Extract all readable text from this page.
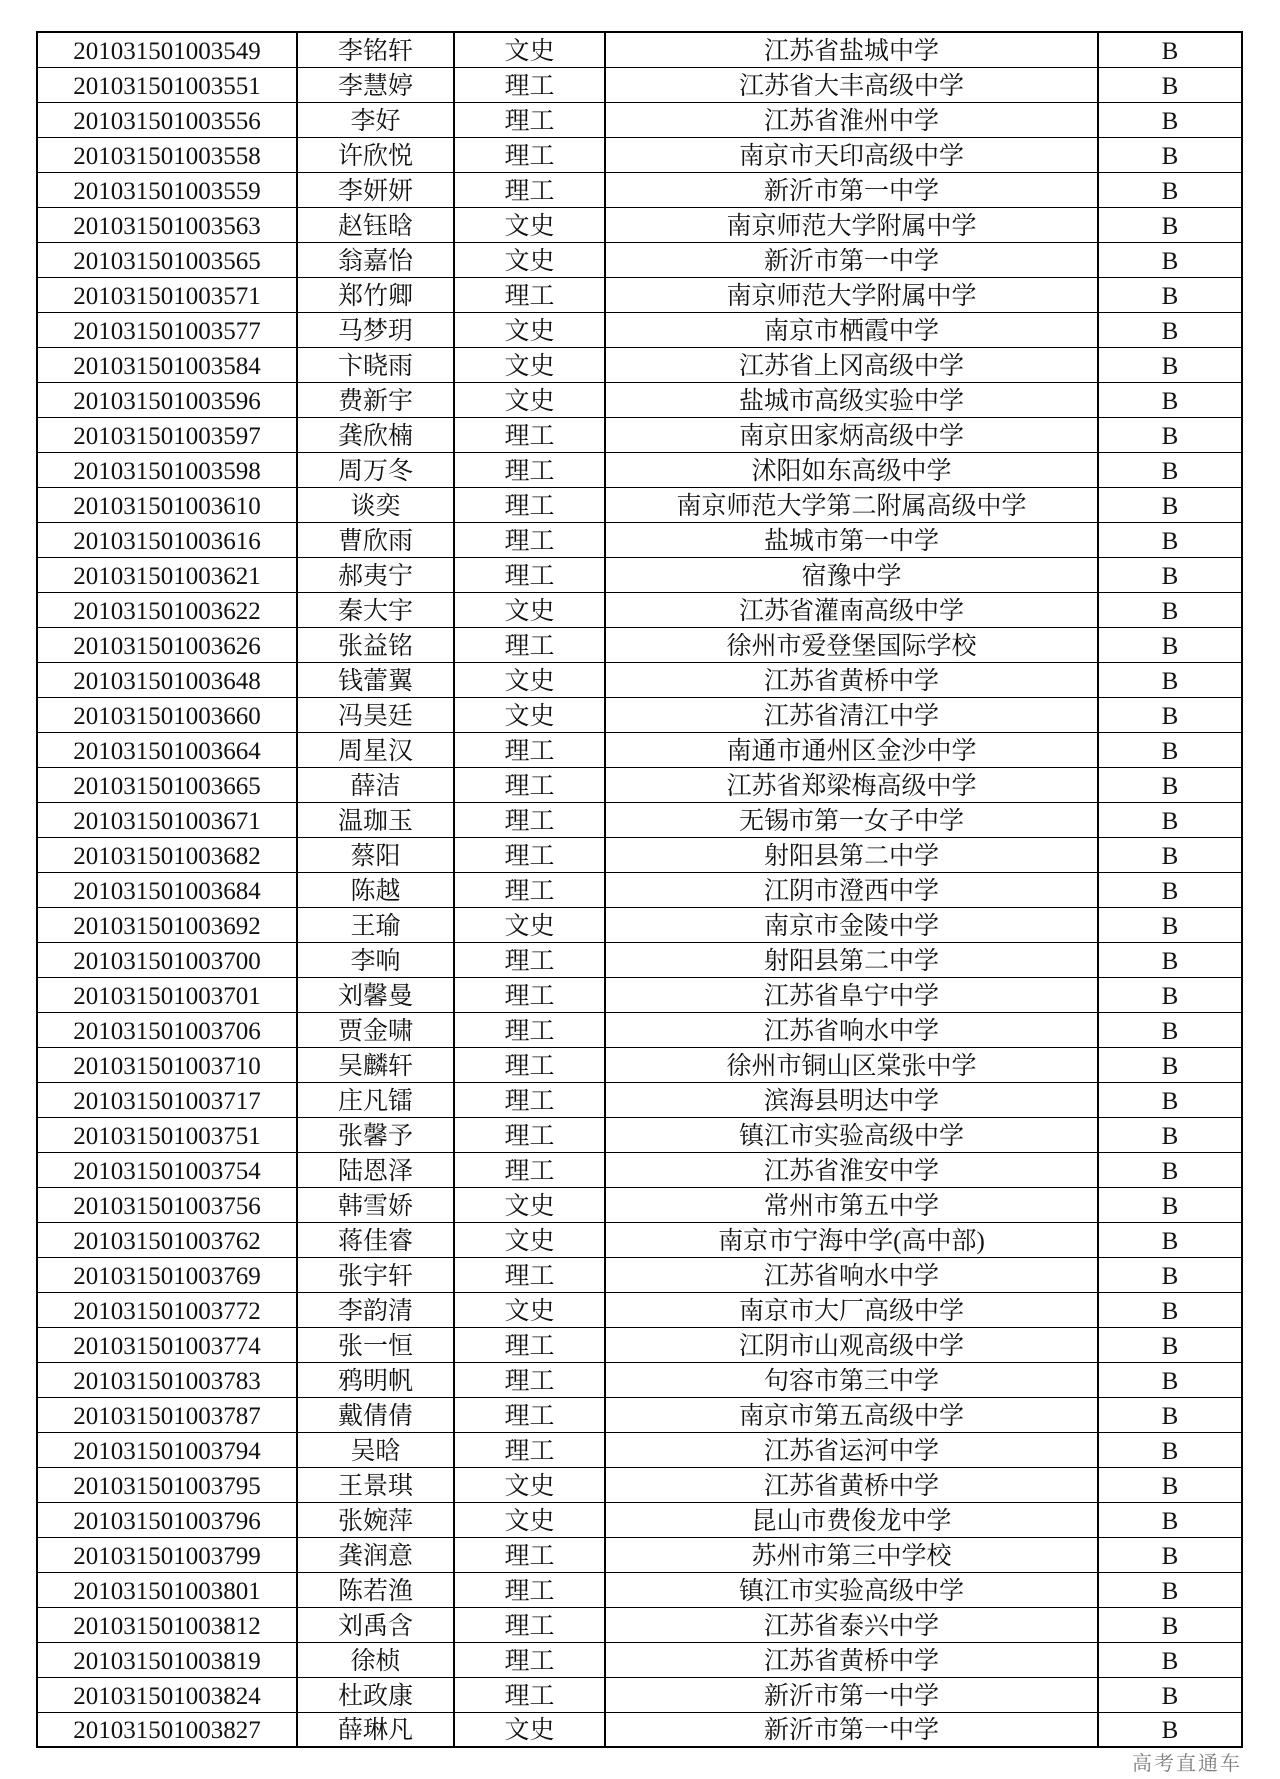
201031501003549	李铭轩	文史	江苏省盐城中学	B
201031501003551	李慧婷	理工	江苏省大丰高级中学	B
201031501003556	李好	理工	江苏省淮州中学	B
201031501003558	许欣悦	理工	南京市天印高级中学	B
201031501003559	李妍妍	理工	新沂市第一中学	B
201031501003563	赵钰晗	文史	南京师范大学附属中学	B
201031501003565	翁嘉怡	文史	新沂市第一中学	B
201031501003571	郑竹卿	理工	南京师范大学附属中学	B
201031501003577	马梦玥	文史	南京市栖霞中学	B
201031501003584	卞晓雨	文史	江苏省上冈高级中学	B
201031501003596	费新宇	文史	盐城市高级实验中学	B
201031501003597	龚欣楠	理工	南京田家炳高级中学	B
201031501003598	周万冬	理工	沭阳如东高级中学	B
201031501003610	谈奕	理工	南京师范大学第二附属高级中学	B
201031501003616	曹欣雨	理工	盐城市第一中学	B
201031501003621	郝夷宁	理工	宿豫中学	B
201031501003622	秦大宇	文史	江苏省灌南高级中学	B
201031501003626	张益铭	理工	徐州市爱登堡国际学校	B
201031501003648	钱蕾翼	文史	江苏省黄桥中学	B
201031501003660	冯昊廷	文史	江苏省清江中学	B
201031501003664	周星汉	理工	南通市通州区金沙中学	B
201031501003665	薛洁	理工	江苏省郑梁梅高级中学	B
201031501003671	温珈玉	理工	无锡市第一女子中学	B
201031501003682	蔡阳	理工	射阳县第二中学	B
201031501003684	陈越	理工	江阴市澄西中学	B
201031501003692	王瑜	文史	南京市金陵中学	B
201031501003700	李响	理工	射阳县第二中学	B
201031501003701	刘馨曼	理工	江苏省阜宁中学	B
201031501003706	贾金啸	理工	江苏省响水中学	B
201031501003710	吴麟轩	理工	徐州市铜山区棠张中学	B
201031501003717	庄凡镭	理工	滨海县明达中学	B
201031501003751	张馨予	理工	镇江市实验高级中学	B
201031501003754	陆恩泽	理工	江苏省淮安中学	B
201031501003756	韩雪娇	文史	常州市第五中学	B
201031501003762	蒋佳睿	文史	南京市宁海中学(高中部)	B
201031501003769	张宇轩	理工	江苏省响水中学	B
201031501003772	李韵清	文史	南京市大厂高级中学	B
201031501003774	张一恒	理工	江阴市山观高级中学	B
201031501003783	鸦明帆	理工	句容市第三中学	B
201031501003787	戴倩倩	理工	南京市第五高级中学	B
201031501003794	吴晗	理工	江苏省运河中学	B
201031501003795	王景琪	文史	江苏省黄桥中学	B
201031501003796	张婉萍	文史	昆山市费俊龙中学	B
201031501003799	龚润意	理工	苏州市第三中学校	B
201031501003801	陈若渔	理工	镇江市实验高级中学	B
201031501003812	刘禹含	理工	江苏省泰兴中学	B
201031501003819	徐桢	理工	江苏省黄桥中学	B
201031501003824	杜政康	理工	新沂市第一中学	B
201031501003827	薛琳凡	文史	新沂市第一中学	B
高考直通车
